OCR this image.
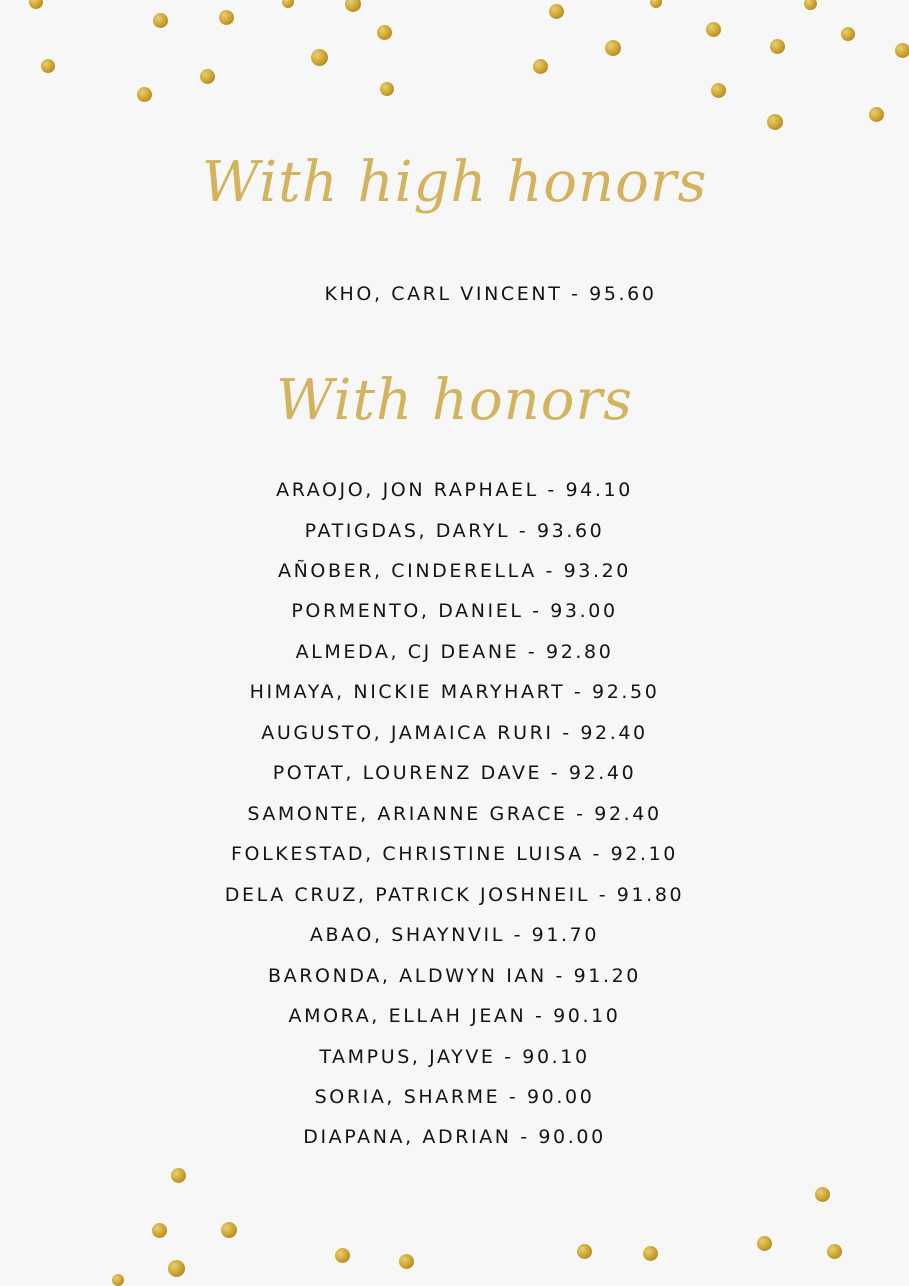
With high honors
KHO, CARL VINCENT - 95.60
With honors
ARAOJO, JON RAPHAEL - 94.10
PATIGDAS, DARYL - 93.60
AÑOBER, CINDERELLA - 93.20
PORMENTO, DANIEL - 93.00
ALMEDA, CJ DEANE - 92.80
HIMAYA, NICKIE MARYHART - 92.50
AUGUSTO, JAMAICA RURI - 92.40
POTAT, LOURENZ DAVE - 92.40
SAMONTE, ARIANNE GRACE - 92.40
FOLKESTAD, CHRISTINE LUISA - 92.10
DELA CRUZ, PATRICK JOSHNEIL - 91.80
ABAO, SHAYNVIL - 91.70
BARONDA, ALDWYN IAN - 91.20
AMORA, ELLAH JEAN - 90.10
TAMPUS, JAYVE - 90.10
SORIA, SHARME - 90.00
DIAPANA, ADRIAN - 90.00
